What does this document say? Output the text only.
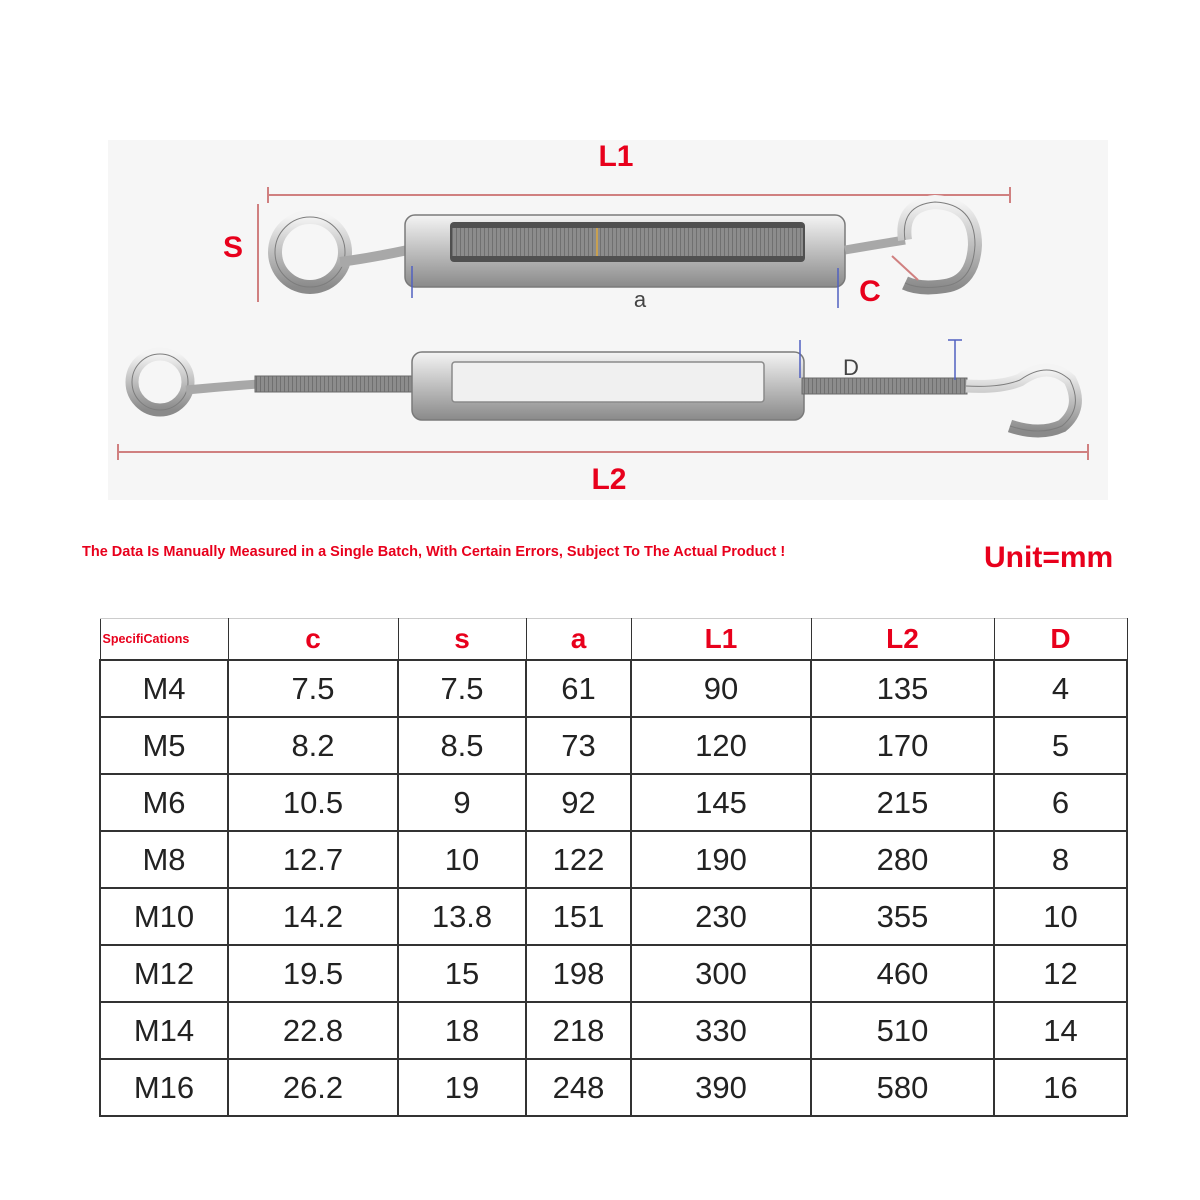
L1
S
C
a
D
L2
The Data Is Manually Measured in a Single Batch, With Certain Errors, Subject To The Actual Product !	Unit=mm
SpecifiCations	c	s	a	L1	L2	D
M4	7.5	7.5	61	90	135	4
M5	8.2	8.5	73	120	170	5
M6	10.5	9	92	145	215	6
M8	12.7	10	122	190	280	8
M10	14.2	13.8	151	230	355	10
M12	19.5	15	198	300	460	12
M14	22.8	18	218	330	510	14
M16	26.2	19	248	390	580	16
